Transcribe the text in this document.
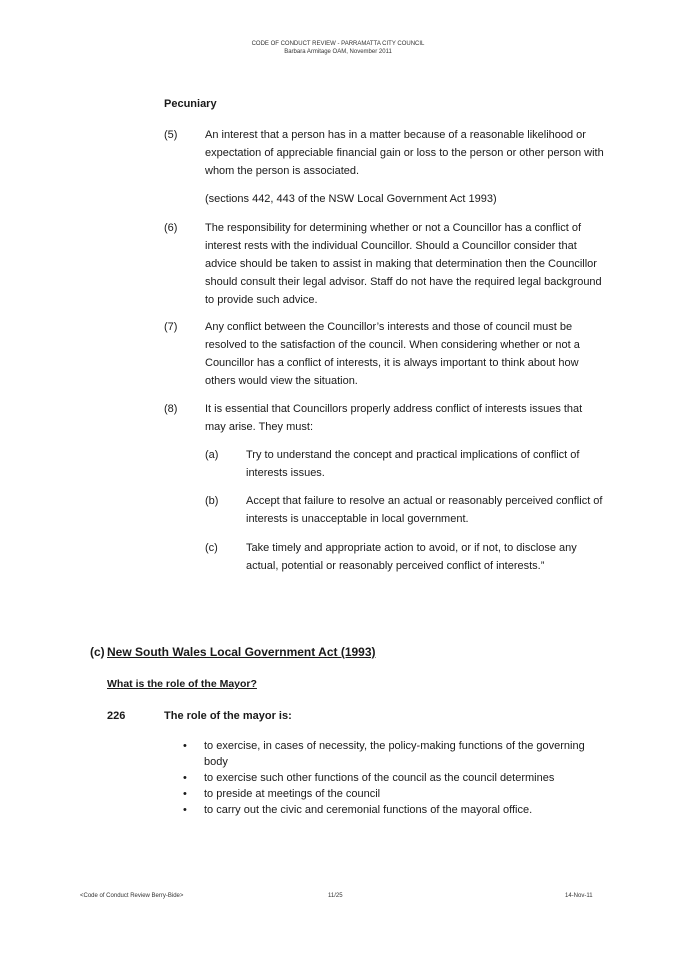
CODE OF CONDUCT REVIEW - PARRAMATTA CITY COUNCIL
Barbara Armitage OAM, November 2011
Pecuniary
(5)	An interest that a person has in a matter because of a reasonable likelihood or expectation of appreciable financial gain or loss to the person or other person with whom the person is associated.
(sections 442, 443 of the NSW Local Government Act 1993)
(6)	The responsibility for determining whether or not a Councillor has a conflict of interest rests with the individual Councillor. Should a Councillor consider that advice should be taken to assist in making that determination then the Councillor should consult their legal advisor. Staff do not have the required legal background to provide such advice.
(7)	Any conflict between the Councillor’s interests and those of council must be resolved to the satisfaction of the council. When considering whether or not a Councillor has a conflict of interests, it is always important to think about how others would view the situation.
(8)	It is essential that Councillors properly address conflict of interests issues that may arise. They must:
(a)	Try to understand the concept and practical implications of conflict of interests issues.
(b)	Accept that failure to resolve an actual or reasonably perceived conflict of interests is unacceptable in local government.
(c)	Take timely and appropriate action to avoid, or if not, to disclose any actual, potential or reasonably perceived conflict of interests.”
(c) New South Wales Local Government Act (1993)
What is the role of the Mayor?
226	The role of the mayor is:
• to exercise, in cases of necessity, the policy-making functions of the governing body
• to exercise such other functions of the council as the council determines
• to preside at meetings of the council
• to carry out the civic and ceremonial functions of the mayoral office.
<Code of Conduct Review Berry-Bide>	11/25	14-Nov-11
